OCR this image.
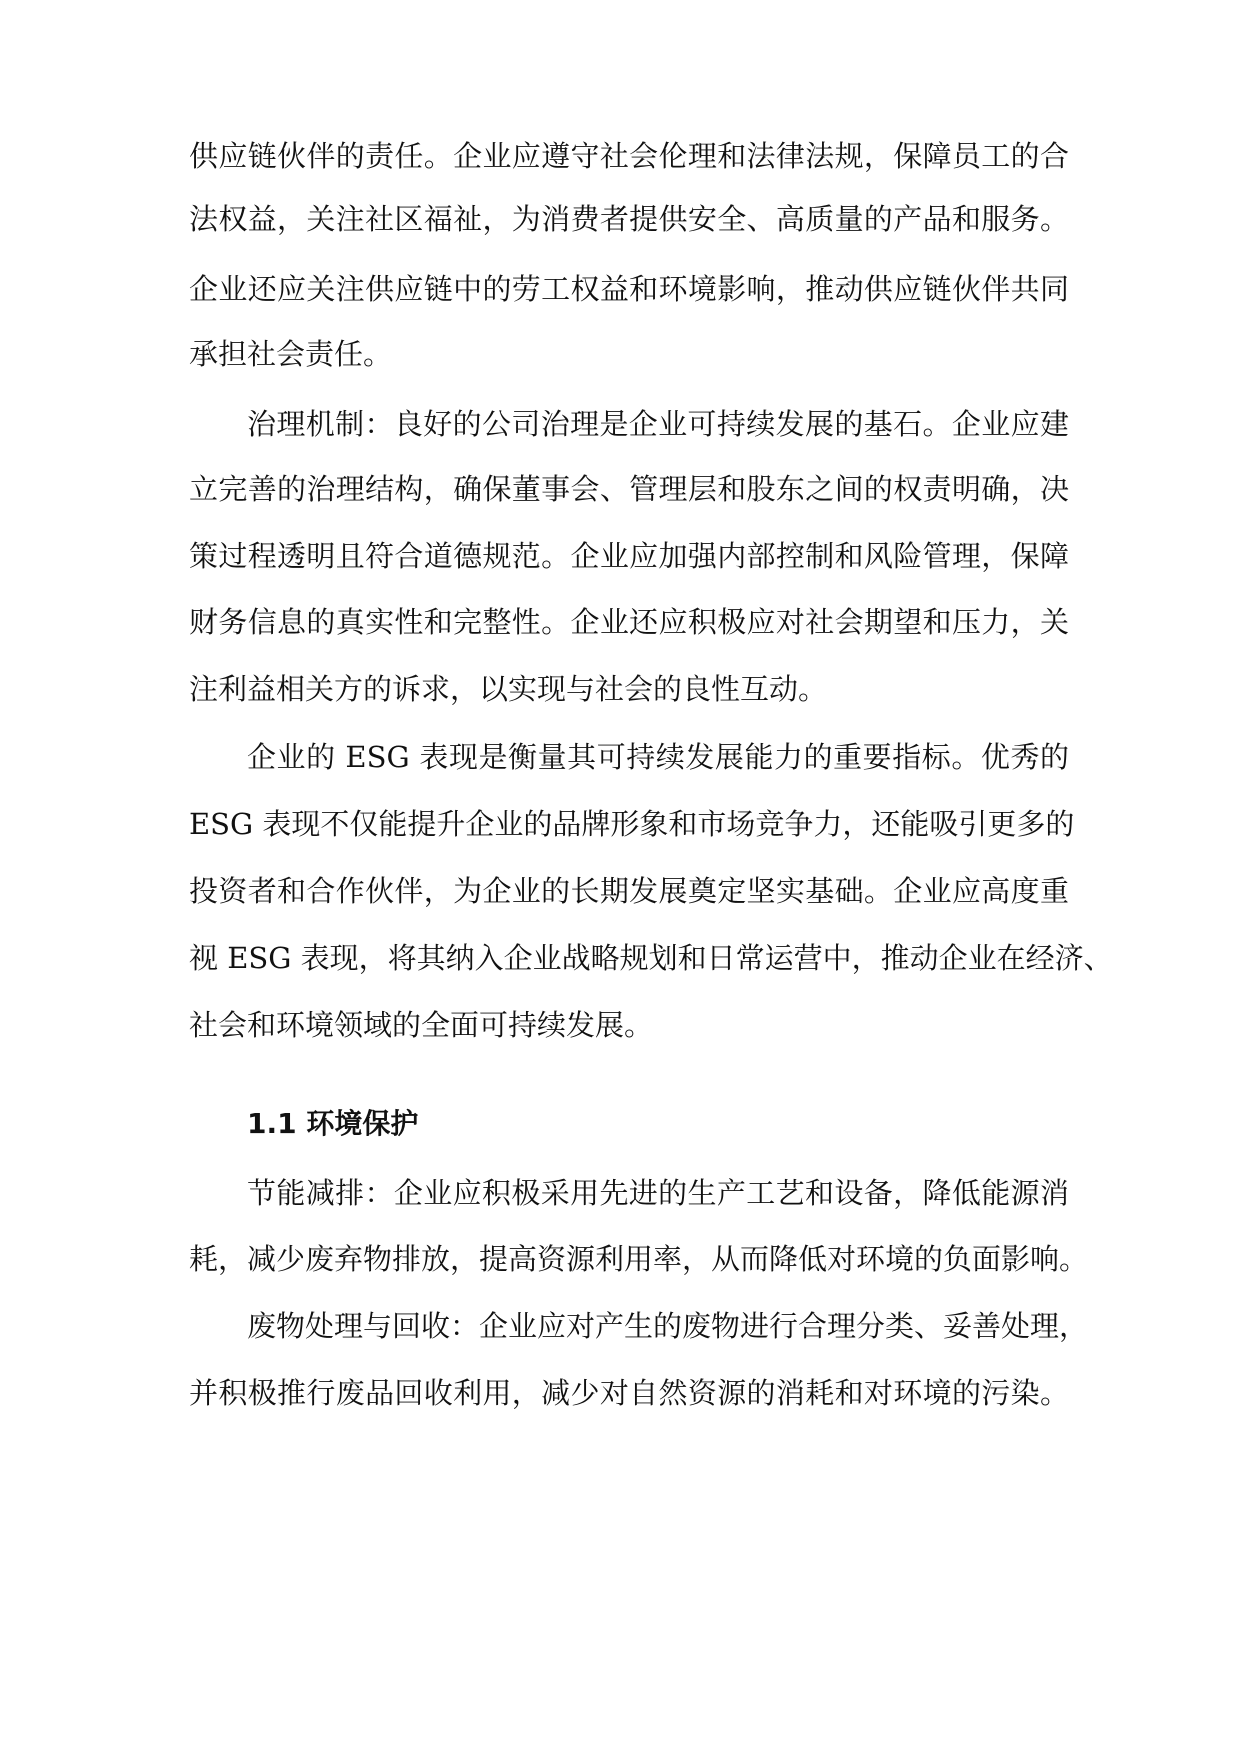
供应链伙伴的责任。企业应遵守社会伦理和法律法规，保障员工的合
法权益，关注社区福祉，为消费者提供安全、高质量的产品和服务。
企业还应关注供应链中的劳工权益和环境影响，推动供应链伙伴共同
承担社会责任。
治理机制：良好的公司治理是企业可持续发展的基石。企业应建
立完善的治理结构，确保董事会、管理层和股东之间的权责明确，决
策过程透明且符合道德规范。企业应加强内部控制和风险管理，保障
财务信息的真实性和完整性。企业还应积极应对社会期望和压力，关
注利益相关方的诉求，以实现与社会的良性互动。
企业的 ESG 表现是衡量其可持续发展能力的重要指标。优秀的
ESG 表现不仅能提升企业的品牌形象和市场竞争力，还能吸引更多的
投资者和合作伙伴，为企业的长期发展奠定坚实基础。企业应高度重
视 ESG 表现，将其纳入企业战略规划和日常运营中，推动企业在经济、
社会和环境领域的全面可持续发展。
1.1 环境保护
节能减排：企业应积极采用先进的生产工艺和设备，降低能源消
耗，减少废弃物排放，提高资源利用率，从而降低对环境的负面影响。
废物处理与回收：企业应对产生的废物进行合理分类、妥善处理，
并积极推行废品回收利用，减少对自然资源的消耗和对环境的污染。
